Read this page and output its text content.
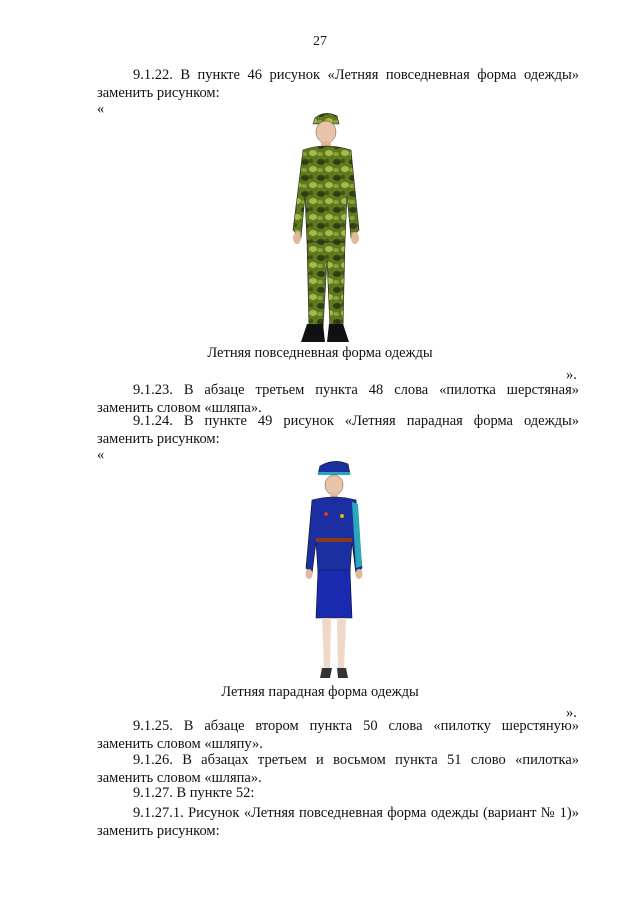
27
9.1.22. В пункте 46 рисунок «Летняя повседневная форма одежды» заменить рисунком:
«
Летняя повседневная форма одежды
».
9.1.23. В абзаце третьем пункта 48 слова «пилотка шерстяная» заменить словом «шляпа».
9.1.24. В пункте 49 рисунок «Летняя парадная форма одежды» заменить рисунком:
«
Летняя парадная форма одежды
».
9.1.25. В абзаце втором пункта 50 слова «пилотку шерстяную» заменить словом «шляпу».
9.1.26. В абзацах третьем и восьмом пункта 51 слово «пилотка» заменить словом «шляпа».
9.1.27. В пункте 52:
9.1.27.1. Рисунок «Летняя повседневная форма одежды (вариант № 1)» заменить рисунком:
